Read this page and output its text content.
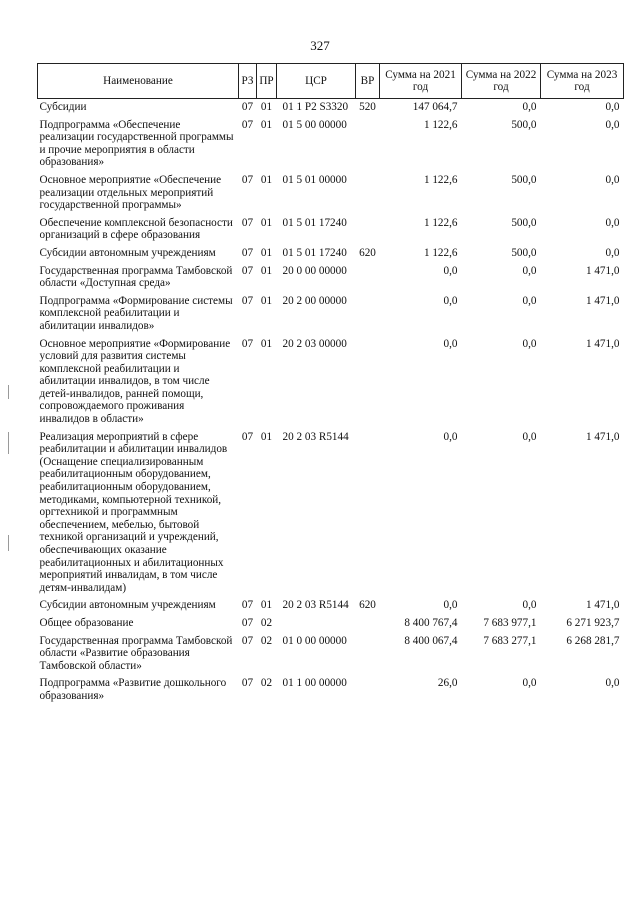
327
Наименование	РЗ	ПР	ЦСР	ВР	Сумма на 2021 год	Сумма на 2022 год	Сумма на 2023 год
Субсидии	07	01	01 1 Р2 S3320	520	147 064,7	0,0	0,0
Подпрограмма «Обеспечение реализации государственной программы и прочие мероприятия в области образования»	07	01	01 5 00 00000		1 122,6	500,0	0,0
Основное мероприятие «Обеспечение реализации отдельных мероприятий государственной программы»	07	01	01 5 01 00000		1 122,6	500,0	0,0
Обеспечение комплексной безопасности организаций в сфере образования	07	01	01 5 01 17240		1 122,6	500,0	0,0
Субсидии автономным учреждениям	07	01	01 5 01 17240	620	1 122,6	500,0	0,0
Государственная программа Тамбовской области «Доступная среда»	07	01	20 0 00 00000		0,0	0,0	1 471,0
Подпрограмма «Формирование системы комплексной реабилитации и абилитации инвалидов»	07	01	20 2 00 00000		0,0	0,0	1 471,0
Основное мероприятие «Формирование условий для развития системы комплексной реабилитации и абилитации инвалидов, в том числе детей-инвалидов, ранней помощи, сопровождаемого проживания инвалидов в области»	07	01	20 2 03 00000		0,0	0,0	1 471,0
Реализация мероприятий в сфере реабилитации и абилитации инвалидов (Оснащение специализированным реабилитационным оборудованием, реабилитационным оборудованием, методиками, компьютерной техникой, оргтехникой и программным обеспечением, мебелью, бытовой техникой организаций и учреждений, обеспечивающих оказание реабилитационных и абилитационных мероприятий инвалидам, в том числе детям-инвалидам)	07	01	20 2 03 R5144		0,0	0,0	1 471,0
Субсидии автономным учреждениям	07	01	20 2 03 R5144	620	0,0	0,0	1 471,0
Общее образование	07	02			8 400 767,4	7 683 977,1	6 271 923,7
Государственная программа Тамбовской области «Развитие образования Тамбовской области»	07	02	01 0 00 00000		8 400 067,4	7 683 277,1	6 268 281,7
Подпрограмма «Развитие дошкольного образования»	07	02	01 1 00 00000		26,0	0,0	0,0
